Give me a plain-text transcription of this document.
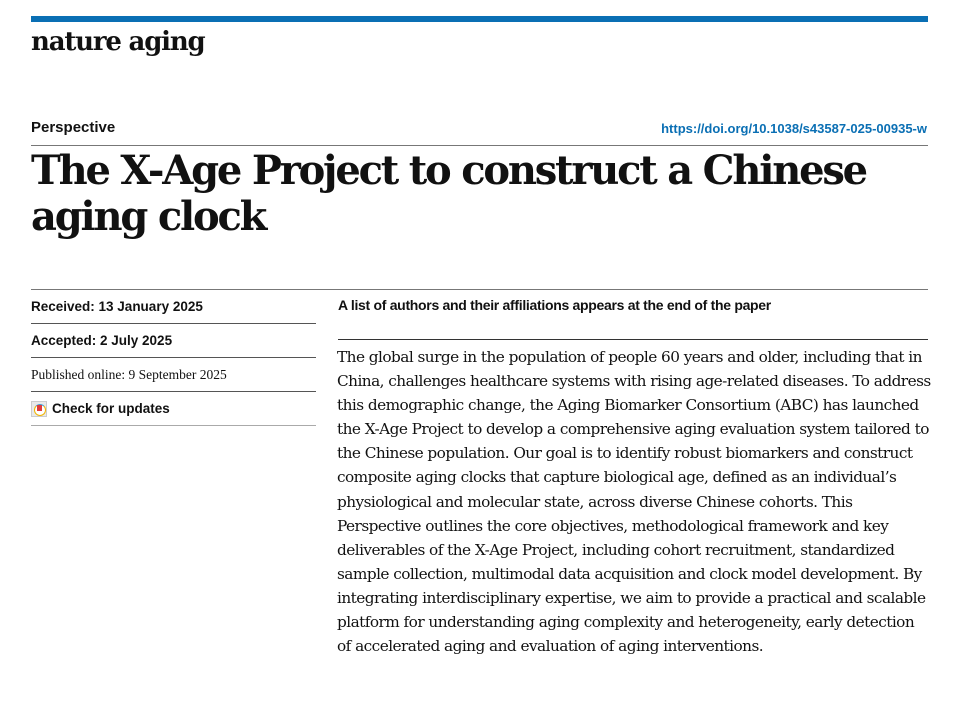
nature aging
Perspective	https://doi.org/10.1038/s43587-025-00935-w
The X-Age Project to construct a Chinese aging clock
Received: 13 January 2025
Accepted: 2 July 2025
Published online: 9 September 2025
Check for updates
A list of authors and their affiliations appears at the end of the paper

The global surge in the population of people 60 years and older, including that in China, challenges healthcare systems with rising age-related diseases. To address this demographic change, the Aging Biomarker Consortium (ABC) has launched the X-Age Project to develop a comprehensive aging evaluation system tailored to the Chinese population. Our goal is to identify robust biomarkers and construct composite aging clocks that capture biological age, defined as an individual’s physiological and molecular state, across diverse Chinese cohorts. This Perspective outlines the core objectives, methodological framework and key deliverables of the X-Age Project, including cohort recruitment, standardized sample collection, multimodal data acquisition and clock model development. By integrating interdisciplinary expertise, we aim to provide a practical and scalable platform for understanding aging complexity and heterogeneity, early detection of accelerated aging and evaluation of aging interventions.
